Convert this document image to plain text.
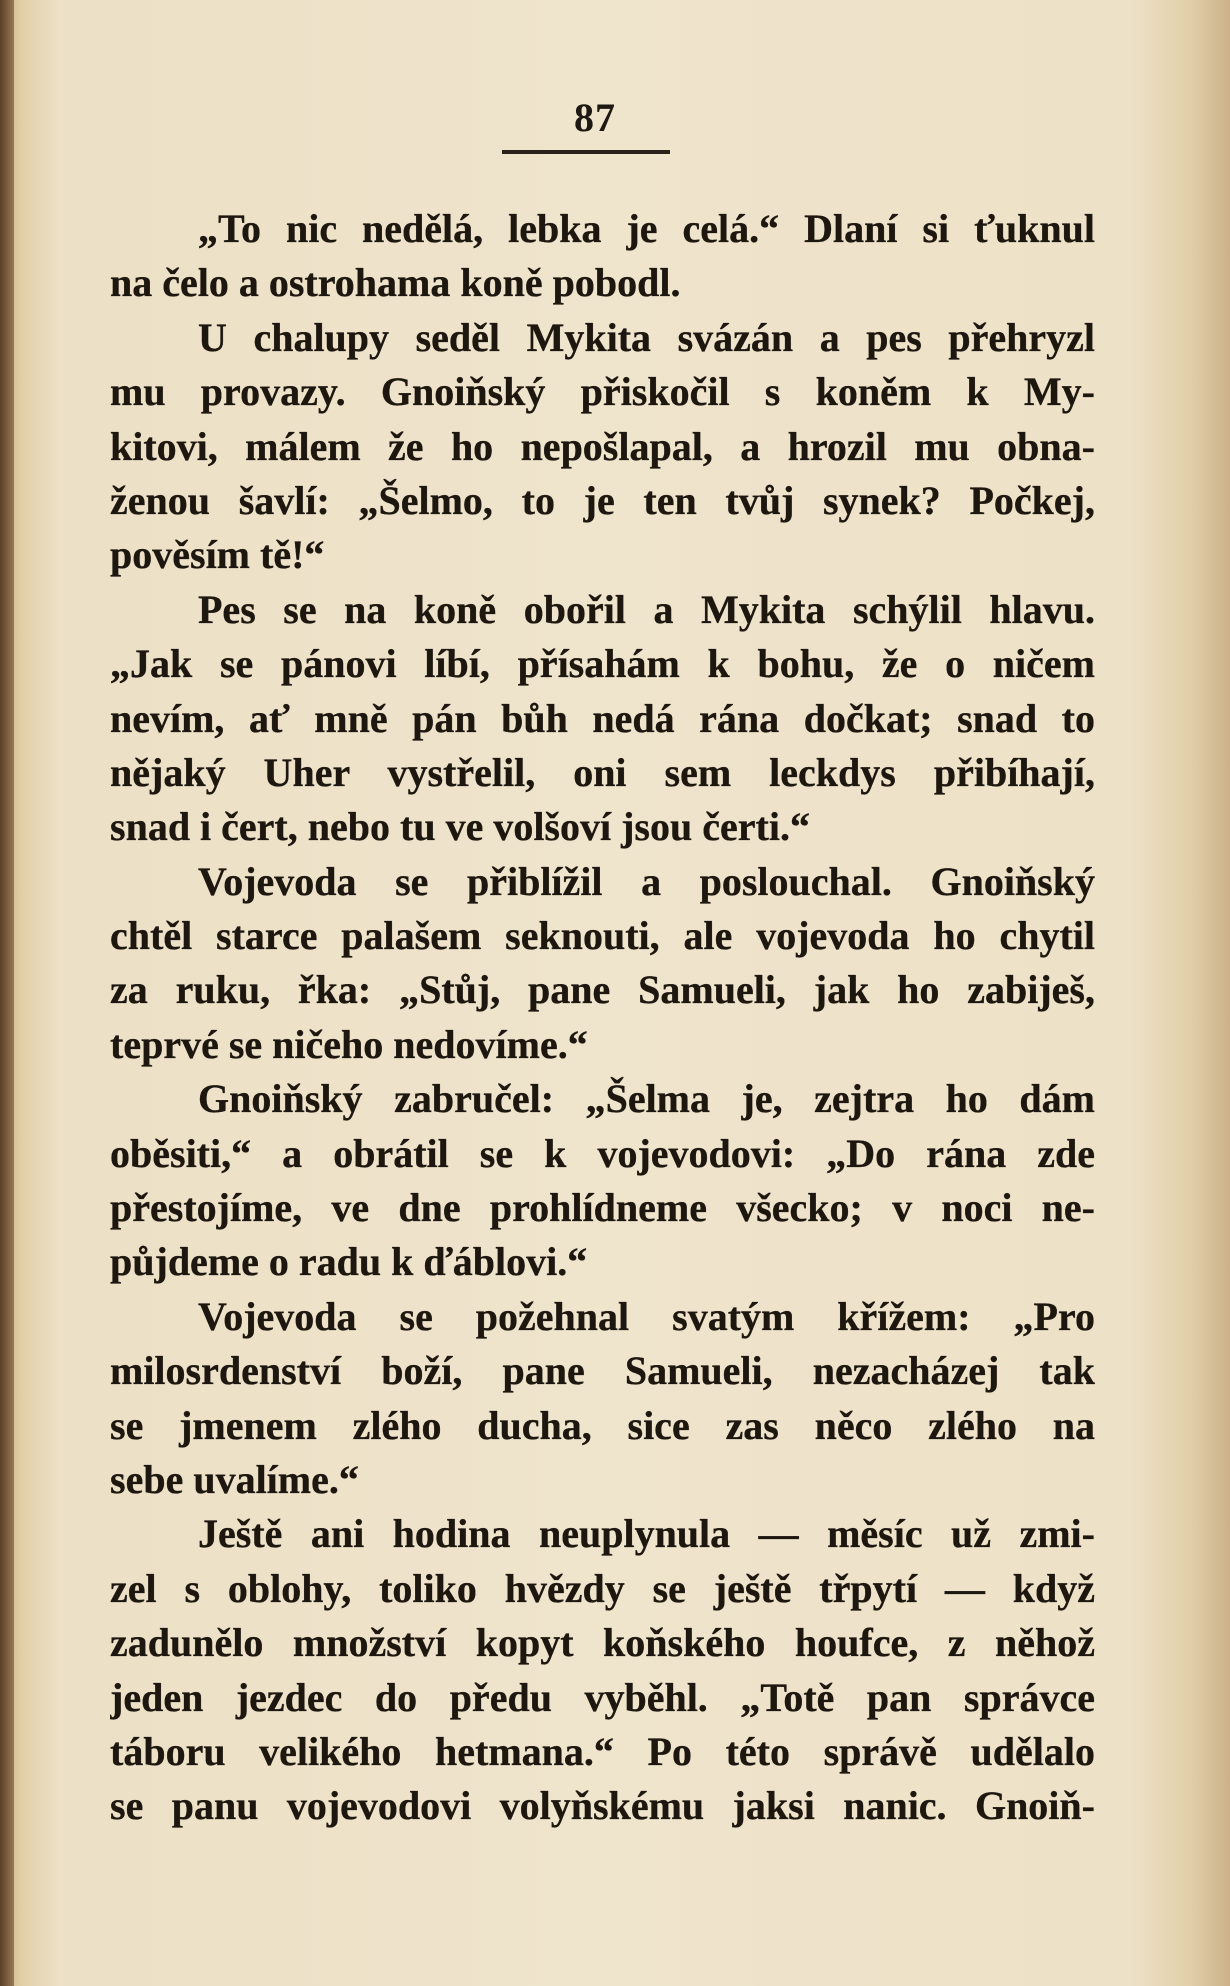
87
„To nic nedělá, lebka je celá.“ Dlaní si ťuknul
na čelo a ostrohama koně pobodl.
U chalupy seděl Mykita svázán a pes přehryzl
mu provazy. Gnoiňský přiskočil s koněm k My-
kitovi, málem že ho nepošlapal, a hrozil mu obna-
ženou šavlí: „Šelmo, to je ten tvůj synek? Počkej,
pověsím tě!“
Pes se na koně obořil a Mykita schýlil hlavu.
„Jak se pánovi líbí, přísahám k bohu, že o ničem
nevím, ať mně pán bůh nedá rána dočkat; snad to
nějaký Uher vystřelil, oni sem leckdys přibíhají,
snad i čert, nebo tu ve volšoví jsou čerti.“
Vojevoda se přiblížil a poslouchal. Gnoiňský
chtěl starce palašem seknouti, ale vojevoda ho chytil
za ruku, řka: „Stůj, pane Samueli, jak ho zabiješ,
teprvé se ničeho nedovíme.“
Gnoiňský zabručel: „Šelma je, zejtra ho dám
oběsiti,“ a obrátil se k vojevodovi: „Do rána zde
přestojíme, ve dne prohlídneme všecko; v noci ne-
půjdeme o radu k ďáblovi.“
Vojevoda se požehnal svatým křížem: „Pro
milosrdenství boží, pane Samueli, nezacházej tak
se jmenem zlého ducha, sice zas něco zlého na
sebe uvalíme.“
Ještě ani hodina neuplynula — měsíc už zmi-
zel s oblohy, toliko hvězdy se ještě třpytí — když
zadunělo množství kopyt koňského houfce, z něhož
jeden jezdec do předu vyběhl. „Totě pan správce
táboru velikého hetmana.“ Po této správě udělalo
se panu vojevodovi volyňskému jaksi nanic. Gnoiň-
